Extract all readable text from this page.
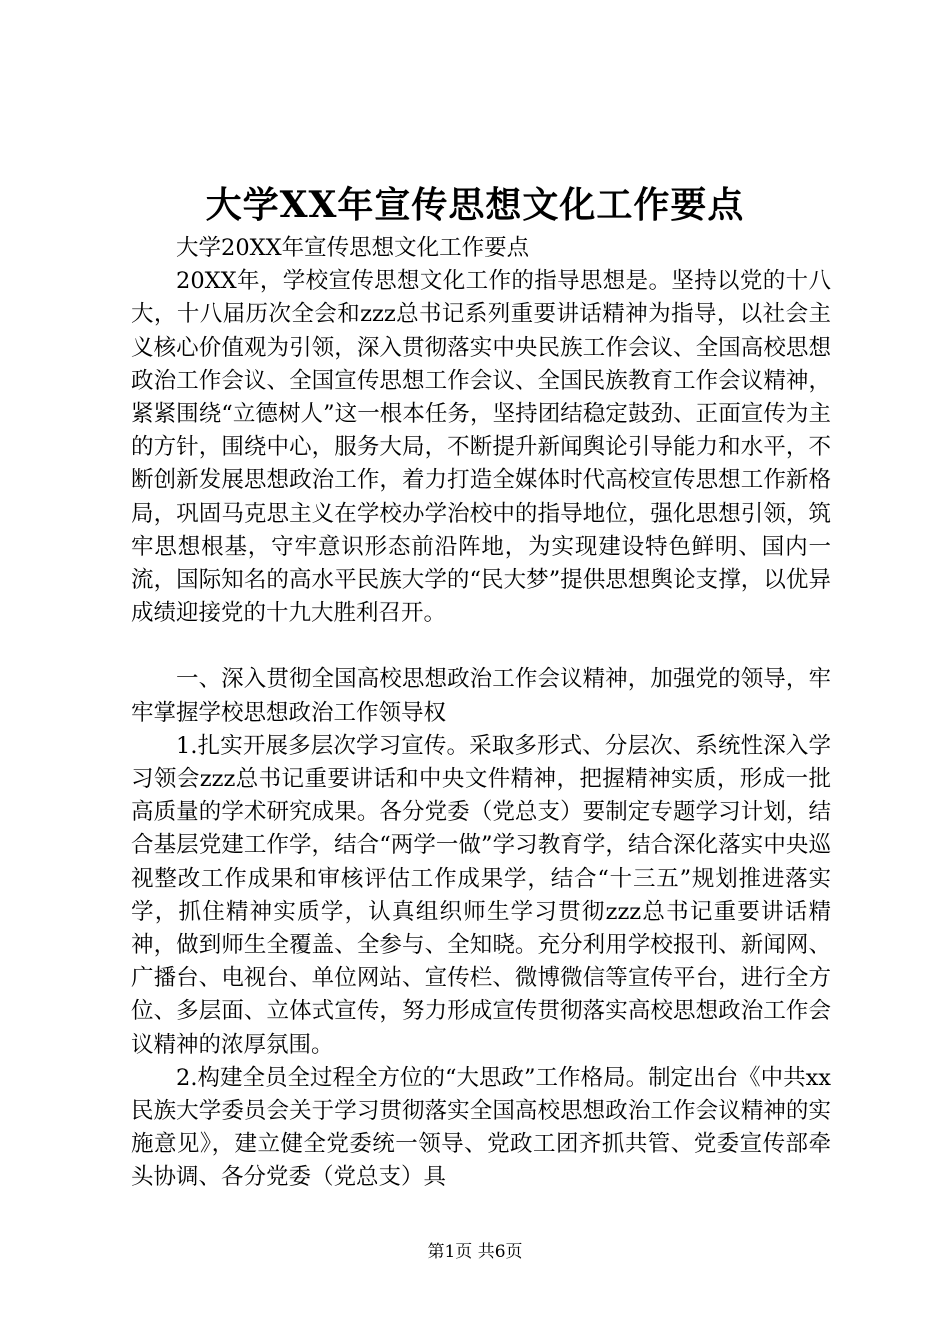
大学XX年宣传思想文化工作要点

大学20XX年宣传思想文化工作要点

20XX年，学校宣传思想文化工作的指导思想是。坚持以党的十八大，十八届历次全会和zzz总书记系列重要讲话精神为指导，以社会主义核心价值观为引领，深入贯彻落实中央民族工作会议、全国高校思想政治工作会议、全国宣传思想工作会议、全国民族教育工作会议精神，紧紧围绕“立德树人”这一根本任务，坚持团结稳定鼓劲、正面宣传为主的方针，围绕中心，服务大局，不断提升新闻舆论引导能力和水平，不断创新发展思想政治工作，着力打造全媒体时代高校宣传思想工作新格局，巩固马克思主义在学校办学治校中的指导地位，强化思想引领，筑牢思想根基，守牢意识形态前沿阵地，为实现建设特色鲜明、国内一流，国际知名的高水平民族大学的“民大梦”提供思想舆论支撑，以优异成绩迎接党的十九大胜利召开。

一、深入贯彻全国高校思想政治工作会议精神，加强党的领导，牢牢掌握学校思想政治工作领导权

1.扎实开展多层次学习宣传。采取多形式、分层次、系统性深入学习领会zzz总书记重要讲话和中央文件精神，把握精神实质，形成一批高质量的学术研究成果。各分党委（党总支）要制定专题学习计划，结合基层党建工作学，结合“两学一做”学习教育学，结合深化落实中央巡视整改工作成果和审核评估工作成果学，结合“十三五”规划推进落实学，抓住精神实质学，认真组织师生学习贯彻zzz总书记重要讲话精神，做到师生全覆盖、全参与、全知晓。充分利用学校报刊、新闻网、广播台、电视台、单位网站、宣传栏、微博微信等宣传平台，进行全方位、多层面、立体式宣传，努力形成宣传贯彻落实高校思想政治工作会议精神的浓厚氛围。

2.构建全员全过程全方位的“大思政”工作格局。制定出台《中共xx民族大学委员会关于学习贯彻落实全国高校思想政治工作会议精神的实施意见》，建立健全党委统一领导、党政工团齐抓共管、党委宣传部牵头协调、各分党委（党总支）具

第1页 共6页
